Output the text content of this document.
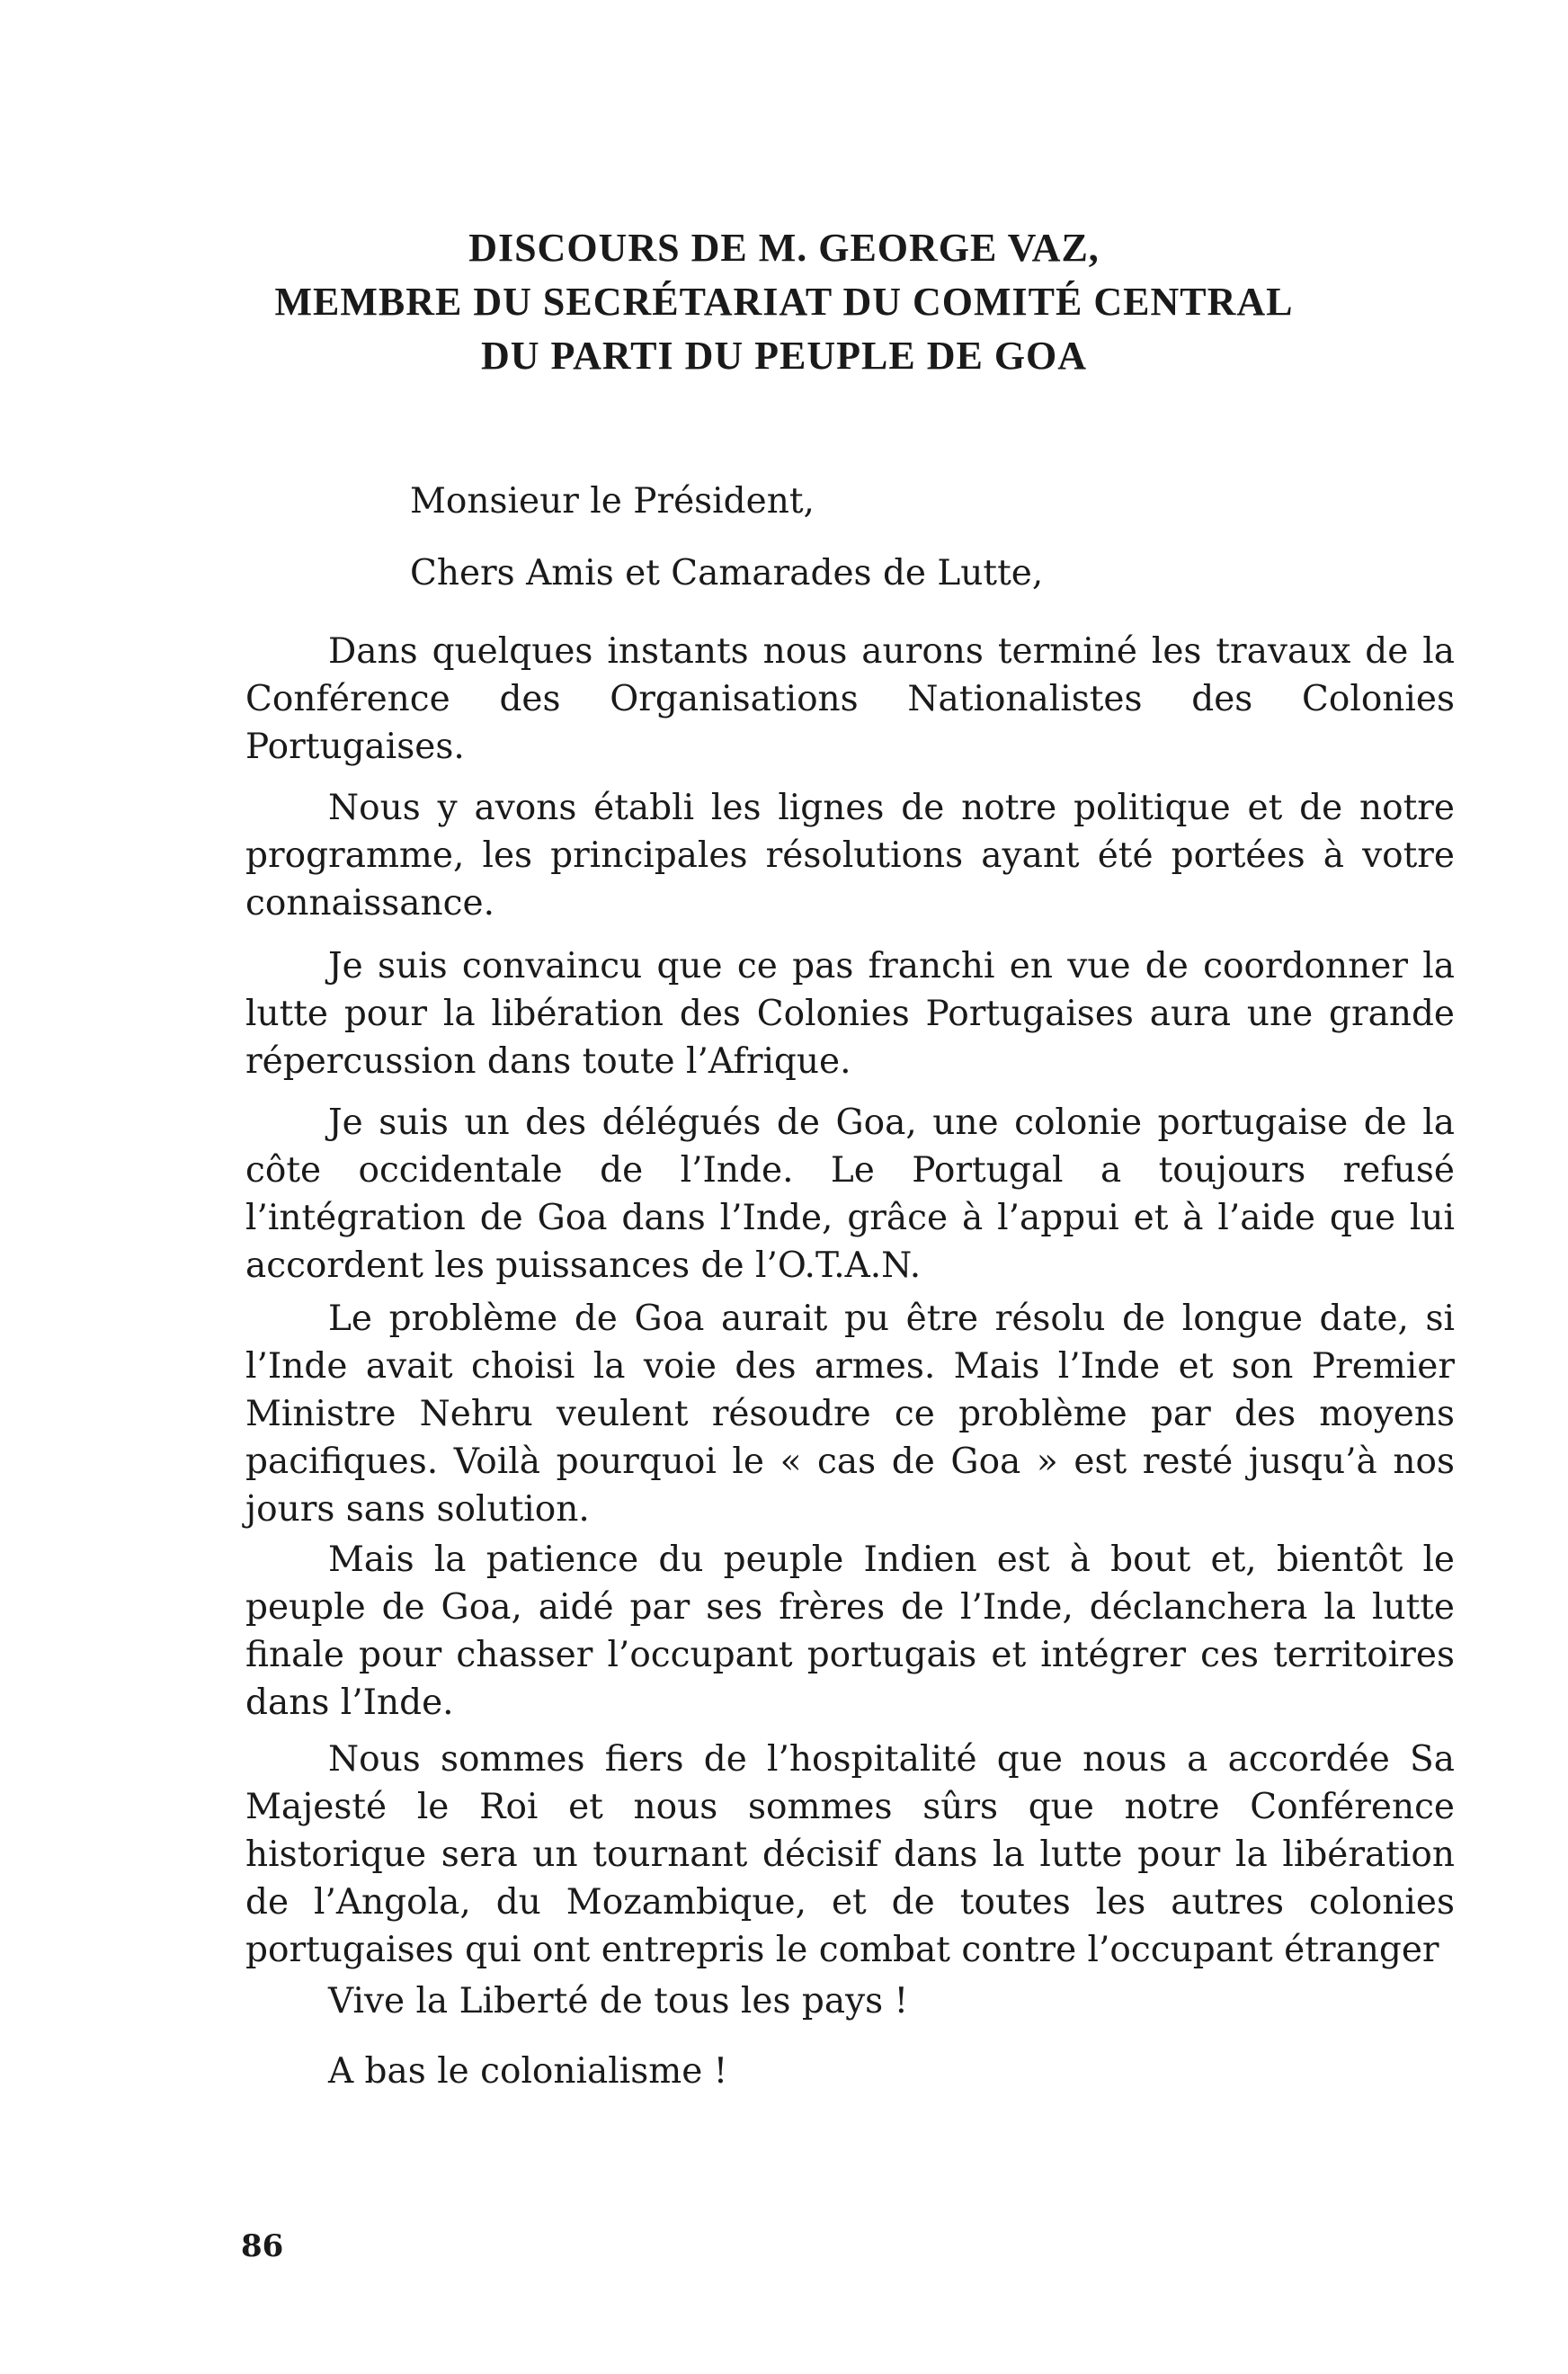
DISCOURS DE M. GEORGE VAZ,
MEMBRE DU SECRÉTARIAT DU COMITÉ CENTRAL
DU PARTI DU PEUPLE DE GOA
Monsieur le Président,
Chers Amis et Camarades de Lutte,

Dans quelques instants nous aurons terminé les travaux de la Conférence des Organisations Nationalistes des Colonies Portugaises.

Nous y avons établi les lignes de notre politique et de notre programme, les principales résolutions ayant été portées à votre connaissance.

Je suis convaincu que ce pas franchi en vue de coordonner la lutte pour la libération des Colonies Portugaises aura une grande répercussion dans toute l’Afrique.

Je suis un des délégués de Goa, une colonie portugaise de la côte occidentale de l’Inde. Le Portugal a toujours refusé l’intégration de Goa dans l’Inde, grâce à l’appui et à l’aide que lui accordent les puissances de l’O.T.A.N.

Le problème de Goa aurait pu être résolu de longue date, si l’Inde avait choisi la voie des armes. Mais l’Inde et son Premier Ministre Nehru veulent résoudre ce problème par des moyens pacifiques. Voilà pourquoi le « cas de Goa » est resté jusqu’à nos jours sans solution.

Mais la patience du peuple Indien est à bout et, bientôt le peuple de Goa, aidé par ses frères de l’Inde, déclanchera la lutte finale pour chasser l’occupant portugais et intégrer ces territoires dans l’Inde.

Nous sommes fiers de l’hospitalité que nous a accordée Sa Majesté le Roi et nous sommes sûrs que notre Conférence historique sera un tournant décisif dans la lutte pour la libération de l’Angola, du Mozambique, et de toutes les autres colonies portugaises qui ont entrepris le combat contre l’occupant étranger

Vive la Liberté de tous les pays !
A bas le colonialisme !
86
